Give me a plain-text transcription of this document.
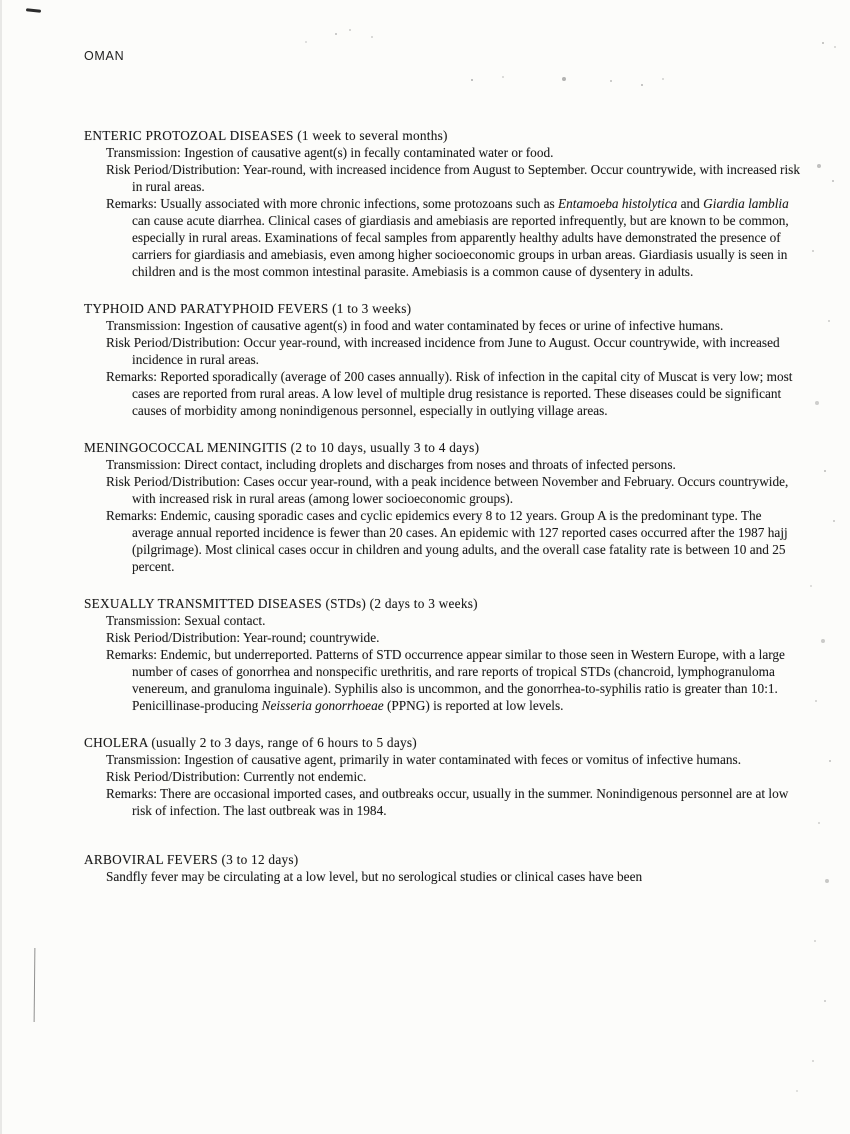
OMAN
ENTERIC PROTOZOAL DISEASES (1 week to several months)

Transmission: Ingestion of causative agent(s) in fecally contaminated water or food.

Risk Period/Distribution: Year-round, with increased incidence from August to September. Occur countrywide, with increased risk in rural areas.

Remarks: Usually associated with more chronic infections, some protozoans such as Entamoeba histolytica and Giardia lamblia can cause acute diarrhea. Clinical cases of giardiasis and amebiasis are reported infrequently, but are known to be common, especially in rural areas. Examinations of fecal samples from apparently healthy adults have demonstrated the presence of carriers for giardiasis and amebiasis, even among higher socioeconomic groups in urban areas. Giardiasis usually is seen in children and is the most common intestinal parasite. Amebiasis is a common cause of dysentery in adults.

TYPHOID AND PARATYPHOID FEVERS (1 to 3 weeks)

Transmission: Ingestion of causative agent(s) in food and water contaminated by feces or urine of infective humans.

Risk Period/Distribution: Occur year-round, with increased incidence from June to August. Occur countrywide, with increased incidence in rural areas.

Remarks: Reported sporadically (average of 200 cases annually). Risk of infection in the capital city of Muscat is very low; most cases are reported from rural areas. A low level of multiple drug resistance is reported. These diseases could be significant causes of morbidity among nonindigenous personnel, especially in outlying village areas.

MENINGOCOCCAL MENINGITIS (2 to 10 days, usually 3 to 4 days)

Transmission: Direct contact, including droplets and discharges from noses and throats of infected persons.

Risk Period/Distribution: Cases occur year-round, with a peak incidence between November and February. Occurs countrywide, with increased risk in rural areas (among lower socioeconomic groups).

Remarks: Endemic, causing sporadic cases and cyclic epidemics every 8 to 12 years. Group A is the predominant type. The average annual reported incidence is fewer than 20 cases. An epidemic with 127 reported cases occurred after the 1987 hajj (pilgrimage). Most clinical cases occur in children and young adults, and the overall case fatality rate is between 10 and 25 percent.

SEXUALLY TRANSMITTED DISEASES (STDs) (2 days to 3 weeks)

Transmission: Sexual contact.

Risk Period/Distribution: Year-round; countrywide.

Remarks: Endemic, but underreported. Patterns of STD occurrence appear similar to those seen in Western Europe, with a large number of cases of gonorrhea and nonspecific urethritis, and rare reports of tropical STDs (chancroid, lymphogranuloma venereum, and granuloma inguinale). Syphilis also is uncommon, and the gonorrhea-to-syphilis ratio is greater than 10:1. Penicillinase-producing Neisseria gonorrhoeae (PPNG) is reported at low levels.

CHOLERA (usually 2 to 3 days, range of 6 hours to 5 days)

Transmission: Ingestion of causative agent, primarily in water contaminated with feces or vomitus of infective humans.

Risk Period/Distribution: Currently not endemic.

Remarks: There are occasional imported cases, and outbreaks occur, usually in the summer. Nonindigenous personnel are at low risk of infection. The last outbreak was in 1984.

ARBOVIRAL FEVERS (3 to 12 days)

Sandfly fever may be circulating at a low level, but no serological studies or clinical cases have been
